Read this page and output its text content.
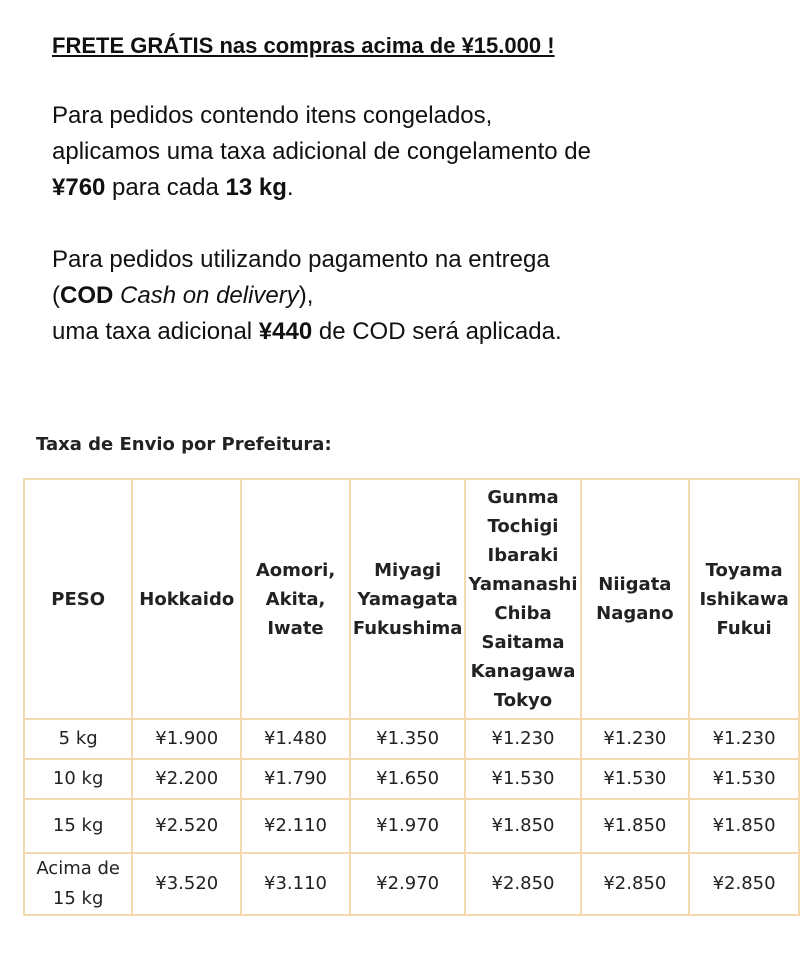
FRETE GRÁTIS nas compras acima de ¥15.000 !

Para pedidos contendo itens congelados,
aplicamos uma taxa adicional de congelamento de
¥760 para cada 13 kg.

Para pedidos utilizando pagamento na entrega
(COD Cash on delivery),
uma taxa adicional ¥440 de COD será aplicada.

Taxa de Envio por Prefeitura:
PESO	Hokkaido	Aomori, Akita, Iwate	Miyagi Yamagata Fukushima	Gunma Tochigi Ibaraki Yamanashi Chiba Saitama Kanagawa Tokyo	Niigata Nagano	Toyama Ishikawa Fukui
5 kg	¥1.900	¥1.480	¥1.350	¥1.230	¥1.230	¥1.230
10 kg	¥2.200	¥1.790	¥1.650	¥1.530	¥1.530	¥1.530
15 kg	¥2.520	¥2.110	¥1.970	¥1.850	¥1.850	¥1.850
Acima de 15 kg	¥3.520	¥3.110	¥2.970	¥2.850	¥2.850	¥2.850
